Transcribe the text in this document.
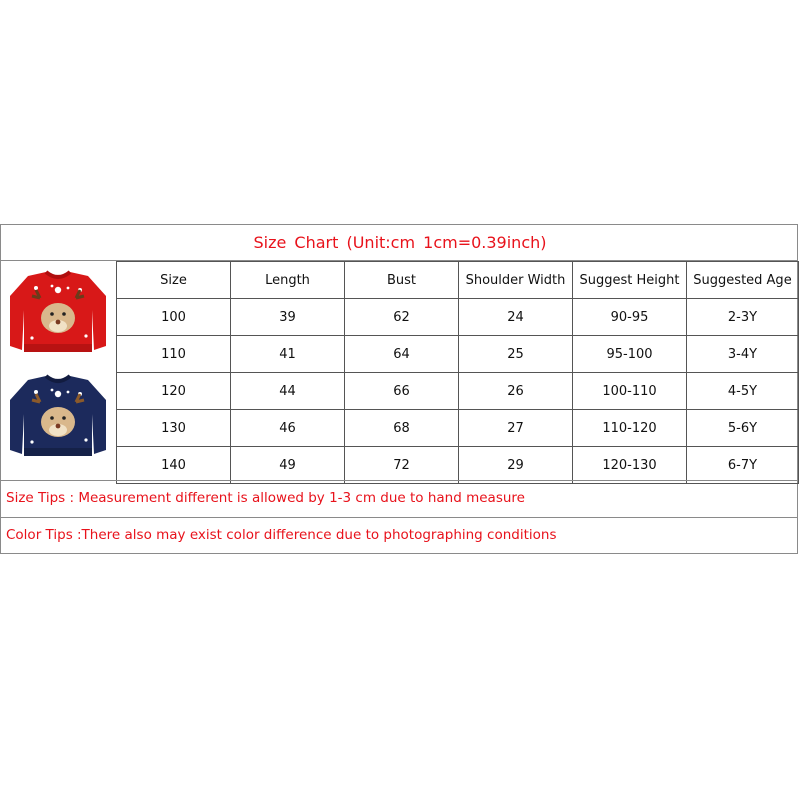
Size Chart (Unit:cm 1cm=0.39inch)
Size	Length	Bust	Shoulder Width	Suggest Height	Suggested Age
100	39	62	24	90-95	2-3Y
110	41	64	25	95-100	3-4Y
120	44	66	26	100-110	4-5Y
130	46	68	27	110-120	5-6Y
140	49	72	29	120-130	6-7Y
Size Tips : Measurement different is allowed by 1-3 cm due to hand measure
Color Tips :There also may exist color difference due to photographing conditions
